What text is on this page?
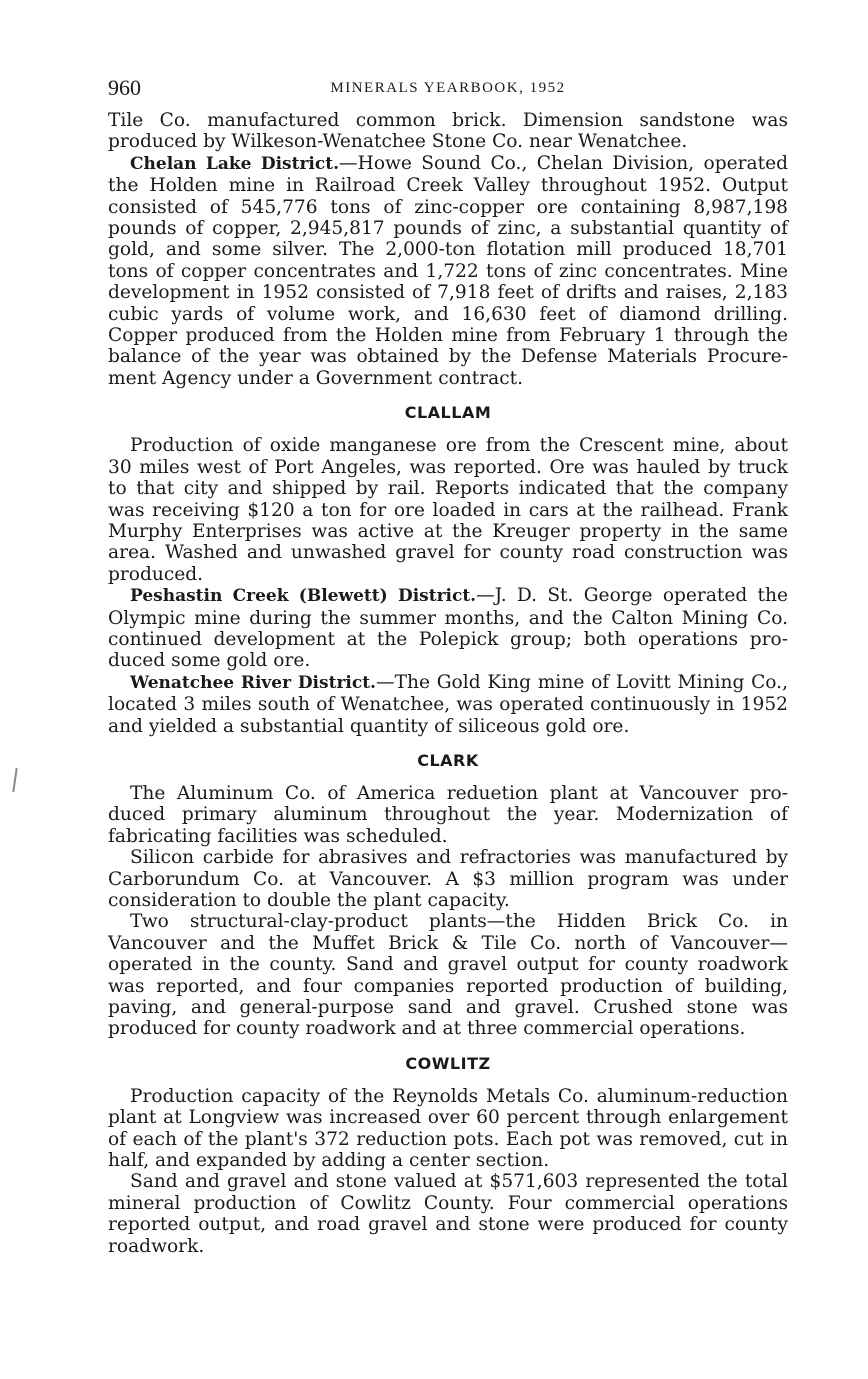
960	MINERALS YEARBOOK, 1952

Tile Co. manufactured common brick. Dimension sandstone was produced by Wilkeson-Wenatchee Stone Co. near Wenatchee.

Chelan Lake District.—Howe Sound Co., Chelan Division, operated the Holden mine in Railroad Creek Valley throughout 1952. Output consisted of 545,776 tons of zinc-copper ore containing 8,987,198 pounds of copper, 2,945,817 pounds of zinc, a substantial quantity of gold, and some silver. The 2,000-ton flotation mill produced 18,701 tons of copper concentrates and 1,722 tons of zinc concentrates. Mine development in 1952 consisted of 7,918 feet of drifts and raises, 2,183 cubic yards of volume work, and 16,630 feet of diamond drilling. Copper produced from the Holden mine from February 1 through the balance of the year was obtained by the Defense Materials Procurement Agency under a Government contract.

CLALLAM

Production of oxide manganese ore from the Crescent mine, about 30 miles west of Port Angeles, was reported. Ore was hauled by truck to that city and shipped by rail. Reports indicated that the company was receiving $120 a ton for ore loaded in cars at the railhead. Frank Murphy Enterprises was active at the Kreuger property in the same area. Washed and unwashed gravel for county road construction was produced.

Peshastin Creek (Blewett) District.—J. D. St. George operated the Olympic mine during the summer months, and the Calton Mining Co. continued development at the Polepick group; both operations produced some gold ore.

Wenatchee River District.—The Gold King mine of Lovitt Mining Co., located 3 miles south of Wenatchee, was operated continuously in 1952 and yielded a substantial quantity of siliceous gold ore.

CLARK

The Aluminum Co. of America reduetion plant at Vancouver produced primary aluminum throughout the year. Modernization of fabricating facilities was scheduled.

Silicon carbide for abrasives and refractories was manufactured by Carborundum Co. at Vancouver. A $3 million program was under consideration to double the plant capacity.

Two structural-clay-product plants—the Hidden Brick Co. in Vancouver and the Muffet Brick & Tile Co. north of Vancouver—operated in the county. Sand and gravel output for county roadwork was reported, and four companies reported production of building, paving, and general-purpose sand and gravel. Crushed stone was produced for county roadwork and at three commercial operations.

COWLITZ

Production capacity of the Reynolds Metals Co. aluminum-reduction plant at Longview was increased over 60 percent through enlargement of each of the plant's 372 reduction pots. Each pot was removed, cut in half, and expanded by adding a center section.

Sand and gravel and stone valued at $571,603 represented the total mineral production of Cowlitz County. Four commercial operations reported output, and road gravel and stone were produced for county roadwork.
